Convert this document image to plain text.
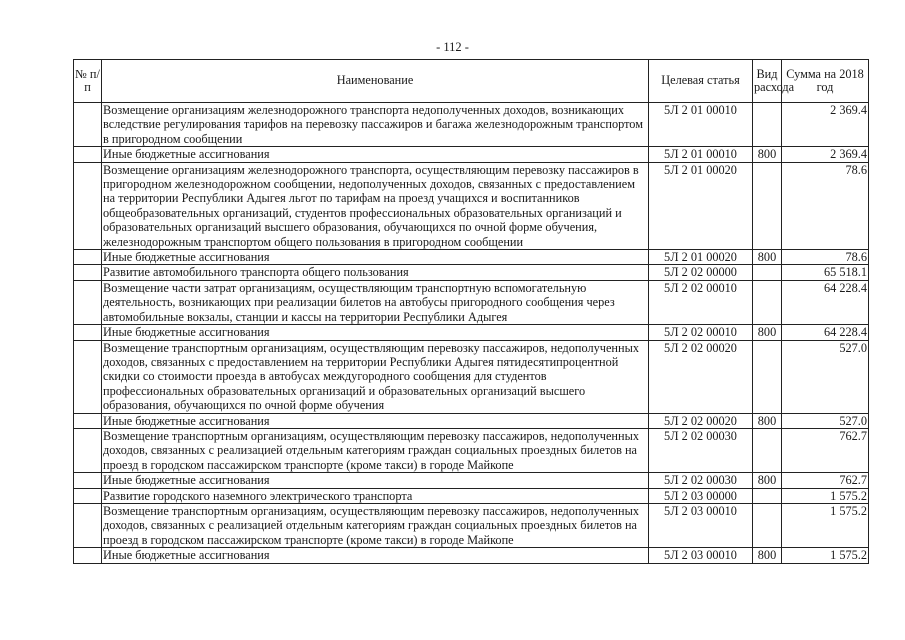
- 112 -
№ п/п	Наименование	Целевая статья	Вид расхода	Сумма на 2018 год
	Возмещение организациям железнодорожного транспорта недополученных доходов, возникающих вследствие регулирования тарифов на перевозку пассажиров и багажа железнодорожным транспортом в пригородном сообщении	5Л 2 01 00010		2 369.4
	Иные бюджетные ассигнования	5Л 2 01 00010	800	2 369.4
	Возмещение организациям железнодорожного транспорта, осуществляющим перевозку пассажиров в пригородном железнодорожном сообщении, недополученных доходов, связанных с предоставлением на территории Республики Адыгея льгот по тарифам на проезд учащихся и воспитанников общеобразовательных организаций, студентов профессиональных образовательных организаций и образовательных организаций высшего образования, обучающихся по очной форме обучения, железнодорожным транспортом общего пользования в пригородном сообщении	5Л 2 01 00020		78.6
	Иные бюджетные ассигнования	5Л 2 01 00020	800	78.6
	Развитие автомобильного транспорта общего пользования	5Л 2 02 00000		65 518.1
	Возмещение части затрат организациям, осуществляющим транспортную вспомогательную деятельность, возникающих при реализации билетов на автобусы пригородного сообщения через автомобильные вокзалы, станции и кассы на территории Республики Адыгея	5Л 2 02 00010		64 228.4
	Иные бюджетные ассигнования	5Л 2 02 00010	800	64 228.4
	Возмещение транспортным организациям, осуществляющим перевозку пассажиров, недополученных доходов, связанных с предоставлением на территории Республики Адыгея пятидесятипроцентной скидки со стоимости проезда в автобусах междугородного сообщения для студентов профессиональных образовательных организаций и образовательных организаций высшего образования, обучающихся по очной форме обучения	5Л 2 02 00020		527.0
	Иные бюджетные ассигнования	5Л 2 02 00020	800	527.0
	Возмещение транспортным организациям, осуществляющим перевозку пассажиров, недополученных доходов, связанных с реализацией отдельным категориям граждан социальных проездных билетов на проезд в городском пассажирском транспорте (кроме такси) в городе Майкопе	5Л 2 02 00030		762.7
	Иные бюджетные ассигнования	5Л 2 02 00030	800	762.7
	Развитие городского наземного электрического транспорта	5Л 2 03 00000		1 575.2
	Возмещение транспортным организациям, осуществляющим перевозку пассажиров, недополученных доходов, связанных с реализацией отдельным категориям граждан социальных проездных билетов на проезд в городском пассажирском транспорте (кроме такси) в городе Майкопе	5Л 2 03 00010		1 575.2
	Иные бюджетные ассигнования	5Л 2 03 00010	800	1 575.2
